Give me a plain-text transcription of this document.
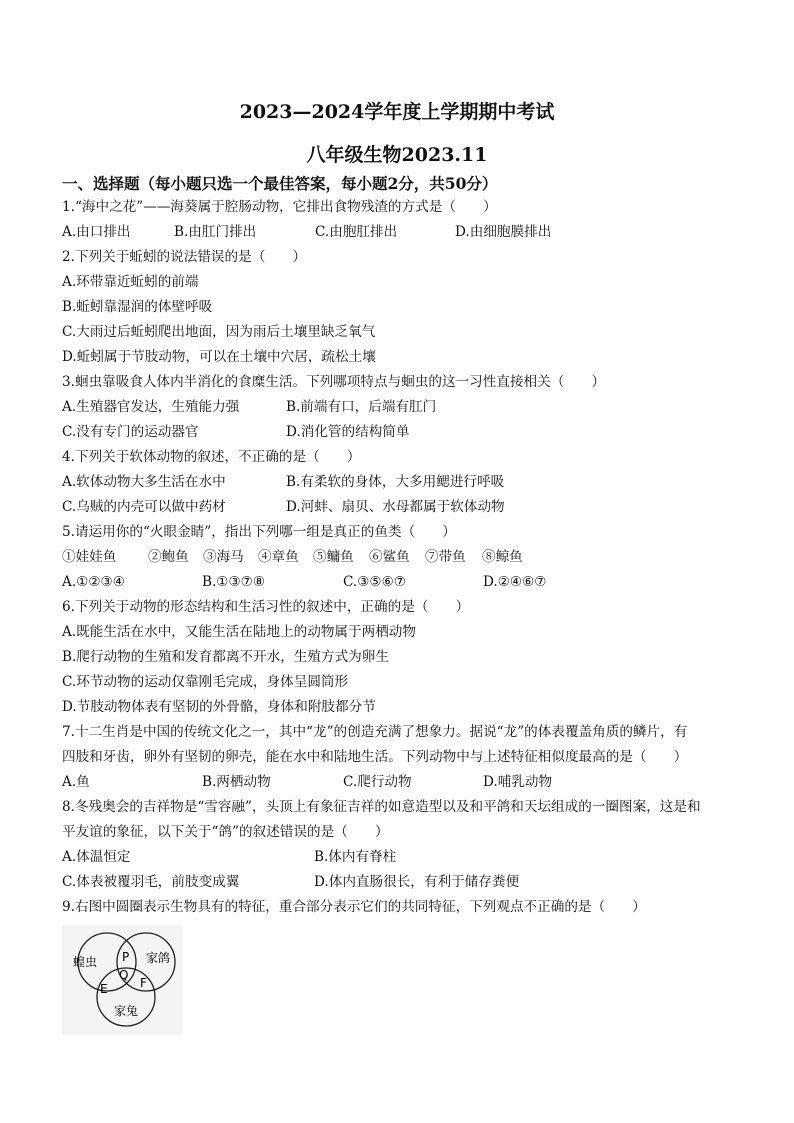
2023—2024学年度上学期期中考试
八年级生物2023.11
一、选择题（每小题只选一个最佳答案，每小题2分，共50分）
1.“海中之花”——海葵属于腔肠动物，它排出食物残渣的方式是（　　）
A.由口排出	B.由肛门排出	C.由胞肛排出	D.由细胞膜排出
2.下列关于蚯蚓的说法错误的是（　　）
A.环带靠近蚯蚓的前端
B.蚯蚓靠湿润的体壁呼吸
C.大雨过后蚯蚓爬出地面，因为雨后土壤里缺乏氧气
D.蚯蚓属于节肢动物，可以在土壤中穴居，疏松土壤
3.蛔虫靠吸食人体内半消化的食糜生活。下列哪项特点与蛔虫的这一习性直接相关（　　）
A.生殖器官发达，生殖能力强	B.前端有口，后端有肛门
C.没有专门的运动器官	D.消化管的结构简单
4.下列关于软体动物的叙述，不正确的是（　　）
A.软体动物大多生活在水中	B.有柔软的身体，大多用鳃进行呼吸
C.乌贼的内壳可以做中药材	D.河蚌、扇贝、水母都属于软体动物
5.请运用你的“火眼金睛”，指出下列哪一组是真正的鱼类（　　）
①娃娃鱼 ②鲍鱼 ③海马 ④章鱼 ⑤鳙鱼 ⑥鲨鱼 ⑦带鱼 ⑧鲸鱼
A.①②③④	B.①③⑦⑧	C.③⑤⑥⑦	D.②④⑥⑦
6.下列关于动物的形态结构和生活习性的叙述中，正确的是（　　）
A.既能生活在水中，又能生活在陆地上的动物属于两栖动物
B.爬行动物的生殖和发育都离不开水，生殖方式为卵生
C.环节动物的运动仅靠刚毛完成，身体呈圆筒形
D.节肢动物体表有坚韧的外骨骼，身体和附肢都分节
7.十二生肖是中国的传统文化之一，其中“龙”的创造充满了想象力。据说“龙”的体表覆盖角质的鳞片，有
四肢和牙齿，卵外有坚韧的卵壳，能在水中和陆地生活。下列动物中与上述特征相似度最高的是（　　）
A.鱼	B.两栖动物	C.爬行动物	D.哺乳动物
8.冬残奥会的吉祥物是“雪容融”，头顶上有象征吉祥的如意造型以及和平鸽和天坛组成的一圈图案，这是和
平友谊的象征，以下关于“鸽”的叙述错误的是（　　）
A.体温恒定	B.体内有脊柱
C.体表被覆羽毛，前肢变成翼	D.体内直肠很长，有利于储存粪便
9.右图中圆圈表示生物具有的特征，重合部分表示它们的共同特征，下列观点不正确的是（　　）
蝗虫	家鸽
家兔
P
Q
E	F
